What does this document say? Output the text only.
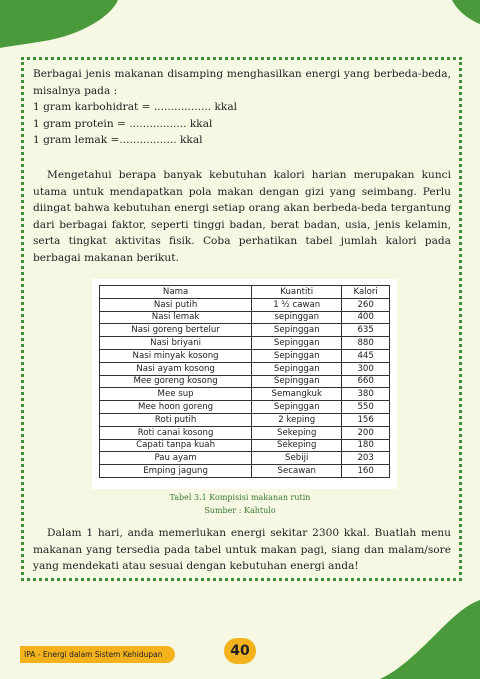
Berbagai jenis makanan disamping menghasilkan energi yang berbeda-beda, misalnya pada :
1 gram karbohidrat = ................. kkal
1 gram protein = ................. kkal
1 gram lemak =................. kkal

Mengetahui berapa banyak kebutuhan kalori harian merupakan kunci utama untuk mendapatkan pola makan dengan gizi yang seimbang. Perlu diingat bahwa kebutuhan energi setiap orang akan berbeda-beda tergantung dari berbagai faktor, seperti tinggi badan, berat badan, usia, jenis kelamin, serta tingkat aktivitas fisik. Coba perhatikan tabel jumlah kalori pada berbagai makanan berikut.

Nama	Kuantiti	Kalori
Nasi putih	1 ½ cawan	260
Nasi lemak	sepinggan	400
Nasi goreng bertelur	Sepinggan	635
Nasi briyani	Sepinggan	880
Nasi minyak kosong	Sepinggan	445
Nasi ayam kosong	Sepinggan	300
Mee goreng kosong	Sepinggan	660
Mee sup	Semangkuk	380
Mee hoon goreng	Sepinggan	550
Roti putih	2 keping	156
Roti canai kosong	Sekeping	200
Capati tanpa kuah	Sekeping	180
Pau ayam	Sebiji	203
Emping jagung	Secawan	160
Tabel 3.1 Kompisisi makanan rutin
Sumber : Kahtulo

Dalam 1 hari, anda memerlukan energi sekitar 2300 kkal. Buatlah menu makanan yang tersedia pada tabel untuk makan pagi, siang dan malam/sore yang mendekati atau sesuai dengan kebutuhan energi anda!

IPA - Energi dalam Sistem Kehidupan	40
